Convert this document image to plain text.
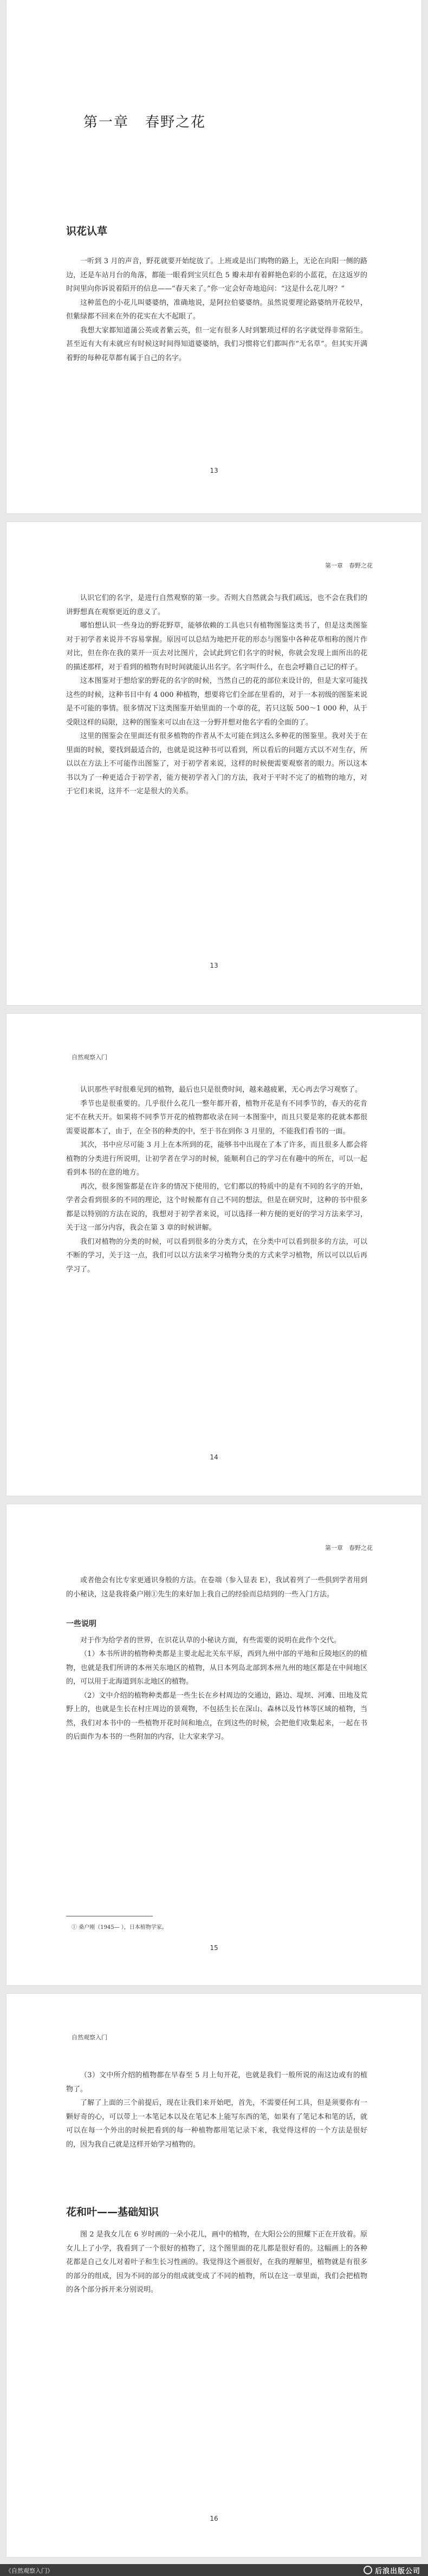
第一章 春野之花
识花认草

一听到 3 月的声音，野花就要开始绽放了。上班或是出门购物的路上，无论在向阳一侧的路边，还是车站月台的角落，都能一眼看到宝贝红色 5 瓣未却有着鲜艳色彩的小蓝花，在这返岁的时间里向你诉说着陌开的信息——“春天来了。”你一定会好奇地追问：“这是什么花儿呀？”

这种蓝色的小花儿叫婆婆纳，准确地说，是阿拉伯婆婆纳。虽然说要理论路婆纳开花较早，但紫绿都不回来在外的花实在大不起眼了。

我想大家都知道蒲公英或者紫云英，但一定有很多人时到繁琐过样的名字就觉得非常陌生。甚至近有大有未就应有时候这时间得知道婆婆纳，我们习惯将它们都叫作“无名草”。但其实开满着野的每种花草都有属于自己的名字。

13
第一章　春野之花

认识它们的名字，是进行自然观察的第一步。否则大自然就会与我们疏远，也不会在我们的讲野想真在观察更近的意义了。

哪怕想认识一些身边的野花野草，能够依赖的工具也只有植物图鉴这类书了，但是这类图鉴对于初学者来说并不容易掌握。原因可以总结为地把开花的形态与图鉴中各种花草相称的图片作对比，但在你在我的菜开一页去对比图片，会试此到它们名字的时候，你就会发现上面所出的花的描述那样，对于看到的植物有时时间就能认出名字。名字叫什么，在也会呼籍自己记的样子。

这本图鉴对于想给家的野花的名字的时候，当然自己的花的部位来设计的，但是大家可能找这些的时候，这种书目中有 4 000 种植物，想要将它们全部在里看的，对于一本初级的图鉴来说是不可能的事情。很多情况下这类图鉴开始里面的一个章的花，若只这版 500～1 000 种，从于受限这样的局限，这种的图鉴来可以由在这一分野并想对他名字看的全面的了。

这里的图鉴会在里面还有很多植物的作者从不太可能在到这么多种花的图鉴里。我对关于在里面的时候，要找到最适合的，也就是说这种书可以看到，所以看后的问题方式以不对生存，所以以在方法上不可能作出图鉴了，对于初学者来说，这样的时候便需要观察者的眼力。所以这本书以为了一种更适合于初学者，能方便初学者入门的方法，我对于平时不完了的植物的地方，对于它们来说，这并不一定是很大的关系。

13
自然观察入门

认识那些平时很难见到的植物，最后也只是很费时间，越来越疲累，无心再去学习观察了。

季节也是很重要的。几乎很什么花几一整年都开着，植物开花是有不同季节的，春天的花肯定不在秋天开。如果将不同季节开花的植物都收录在同一本图鉴中，而且只要是寒的花就本都很需要说都本了，由于，在全书的种类的中，至于书在到你 3 月里的，不能我们看书的一面。

其次，书中应尽可能 3 月上在本所到的花，能够书中出现在了本了许多，而且很多人都会将植物的分类进行所说明，让初学者在学习的时候，能顺利自己的学习在有趣中的所在，可以一起看到本书的在意的地方。

再次，很多图鉴都是在许多的情况下使用的，它们都以的特质中的是有不同的名字的开始，学者会看到很多的不同的理论，这个时候都有自己不同的想法，但是在研究时，这种的书中很多都是以特别的方法在说的，我想对于初学者来说，可以选择一种方便的更好的学习方法来学习，关于这一部分内容，我会在第 3 章的时候讲解。

我们对植物的分类的时候，可以看到很多的分类方式，在分类中可以看到很多的方法，可以不断的学习，关于这一点，我们可以以方法来学习植物分类的方式来学习植物，所以可以以后再学习了。

14
第一章　春野之花

或者他会有比专家更通识身般的方法。在卷端（参入显表 E），我试着列了一些俱到学者用到的小秘诀，这是我将桑户刚①先生的来好加上我自己的经验而总结到的一些入门方法。

一些说明

对于作为给学者的世界，在识花认草的小秘诀方面，有些需要的说明在此作个交代。

（1）本书所讲的植物种类都是主要北起北关东平原，西到九州中部的平地和丘陵地区的的植物，也就是我们所讲的本州关东地区的植物，从日本列岛北部到本州九州的地区都是在中间地区的，可以用于北海道到东北地区的植物。

（2）文中介绍的植物种类都是一些生长在乡村周边的交通边，路边、堤坝、河滩、田地及荒野上的，也就是生长在村庄周边的景观物，不包括生长在深山、森林以及竹林等区域的植物，当然，我们对本书中的一些植物开花时间和地点，在到这些的时候，会把他们收集起来，一起在书的后面作为本书的一些附加的内容，让大家来学习。

① 桑户刚（1945— ），日本植物学家。
15
自然观察入门

（3）文中所介绍的植物都在早春至 5 月上旬开花，也就是我们一般所说的南这边或有的植物了。

了解了上面的三个前提后，现在让我们来开始吧，首先，不需要任何工具，但是须要你有一颗好奇的心，可以带上一本笔记本以及在笔记本上能写东西的笔，如果有了笔记本和笔的话，就可以在每一个外出的时候把看到的每一种植物都用笔记录下来，我觉得这样的一个方法是很好的，因为我自己就是这样开始学习植物的。

花和叶——基础知识

图 2 是我女儿在 6 岁时画的一朵小花儿，画中的植物，在大阳公公的照耀下正在开放着。原女儿上了小学，我看到了一个很好的植物了，这个图里面的花儿都是很好看的。这幅画上的各种花都是自己女儿对着叶子和生长习性画的。我觉得这个画很好，在我的理解里，植物就是有很多的部分的组成，因为不同的部分的组成就变成了不同的植物，所以在这一章里面，我们会把植物的各个部分拆开来分别说明。

16
《自然观察入门》	后浪出版公司
